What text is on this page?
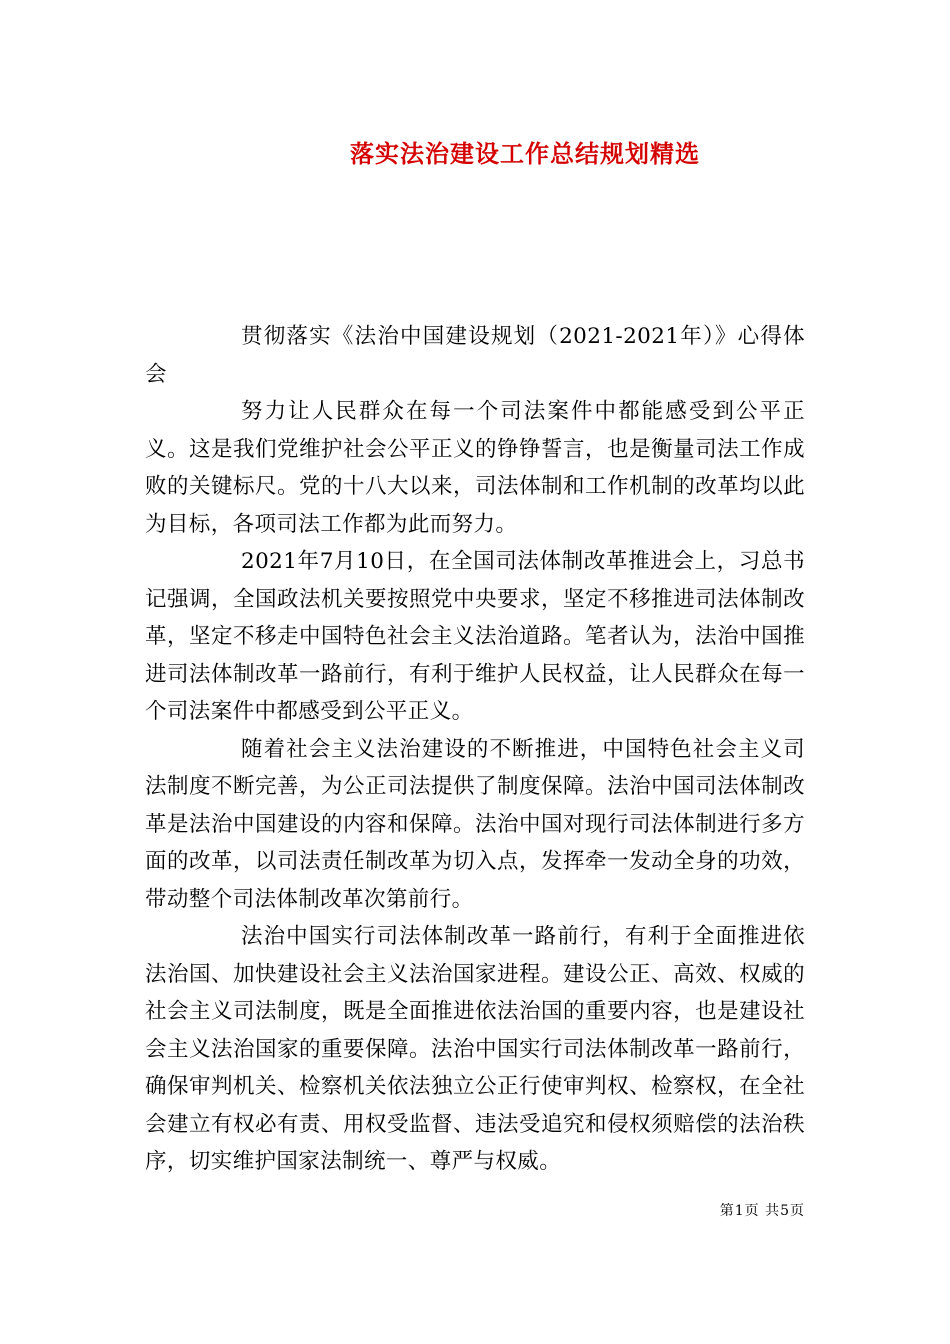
落实法治建设工作总结规划精选

贯彻落实《法治中国建设规划（2021-2021年）》心得体会

努力让人民群众在每一个司法案件中都能感受到公平正义。这是我们党维护社会公平正义的铮铮誓言，也是衡量司法工作成败的关键标尺。党的十八大以来，司法体制和工作机制的改革均以此为目标，各项司法工作都为此而努力。

2021年7月10日，在全国司法体制改革推进会上，习总书记强调，全国政法机关要按照党中央要求，坚定不移推进司法体制改革，坚定不移走中国特色社会主义法治道路。笔者认为，法治中国推进司法体制改革一路前行，有利于维护人民权益，让人民群众在每一个司法案件中都感受到公平正义。

随着社会主义法治建设的不断推进，中国特色社会主义司法制度不断完善，为公正司法提供了制度保障。法治中国司法体制改革是法治中国建设的内容和保障。法治中国对现行司法体制进行多方面的改革，以司法责任制改革为切入点，发挥牵一发动全身的功效，带动整个司法体制改革次第前行。

法治中国实行司法体制改革一路前行，有利于全面推进依法治国、加快建设社会主义法治国家进程。建设公正、高效、权威的社会主义司法制度，既是全面推进依法治国的重要内容，也是建设社会主义法治国家的重要保障。法治中国实行司法体制改革一路前行，确保审判机关、检察机关依法独立公正行使审判权、检察权，在全社会建立有权必有责、用权受监督、违法受追究和侵权须赔偿的法治秩序，切实维护国家法制统一、尊严与权威。

第1页 共5页
